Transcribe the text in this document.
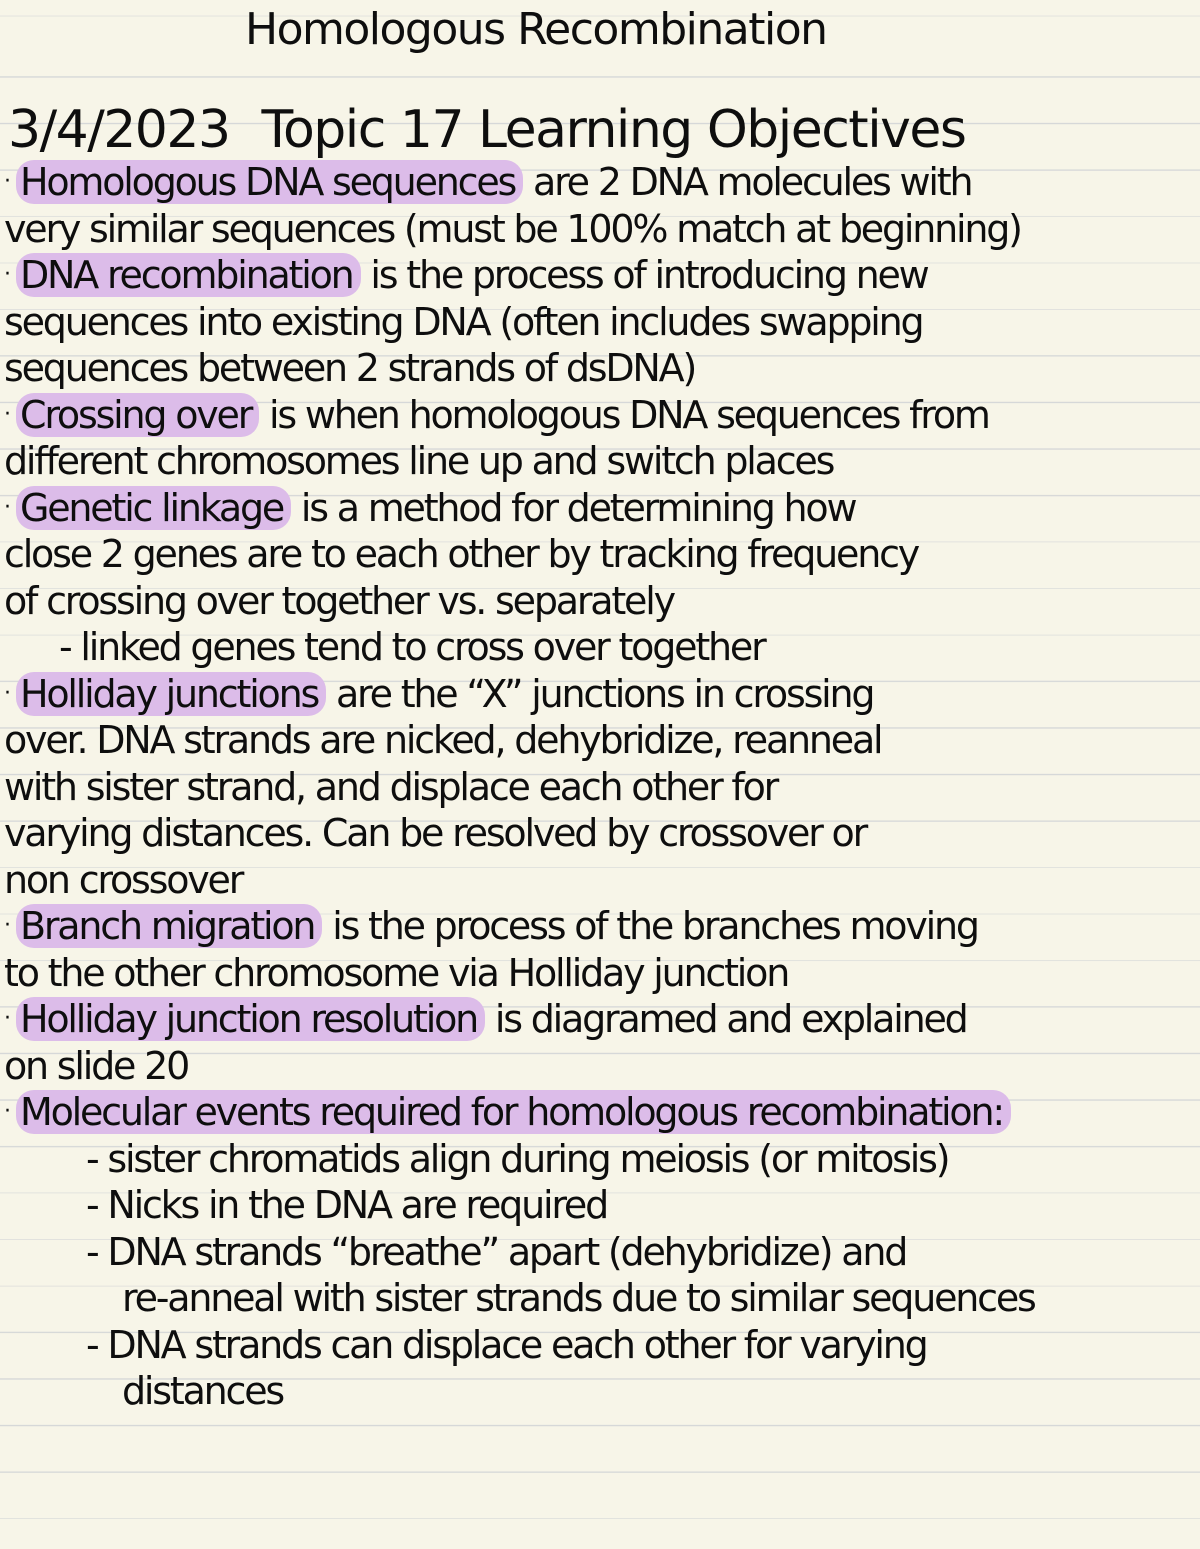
Homologous Recombination
3/4/2023 Topic 17 Learning Objectives
· Homologous DNA sequences are 2 DNA molecules with
very similar sequences (must be 100% match at beginning)
· DNA recombination is the process of introducing new
sequences into existing DNA (often includes swapping
sequences between 2 strands of dsDNA)
· Crossing over is when homologous DNA sequences from
different chromosomes line up and switch places
· Genetic linkage is a method for determining how
close 2 genes are to each other by tracking frequency
of crossing over together vs. separately
- linked genes tend to cross over together
· Holliday junctions are the “X” junctions in crossing
over. DNA strands are nicked, dehybridize, reanneal
with sister strand, and displace each other for
varying distances. Can be resolved by crossover or
non crossover
· Branch migration is the process of the branches moving
to the other chromosome via Holliday junction
· Holliday junction resolution is diagramed and explained
on slide 20
· Molecular events required for homologous recombination:
- sister chromatids align during meiosis (or mitosis)
- Nicks in the DNA are required
- DNA strands “breathe” apart (dehybridize) and
re-anneal with sister strands due to similar sequences
- DNA strands can displace each other for varying
distances
